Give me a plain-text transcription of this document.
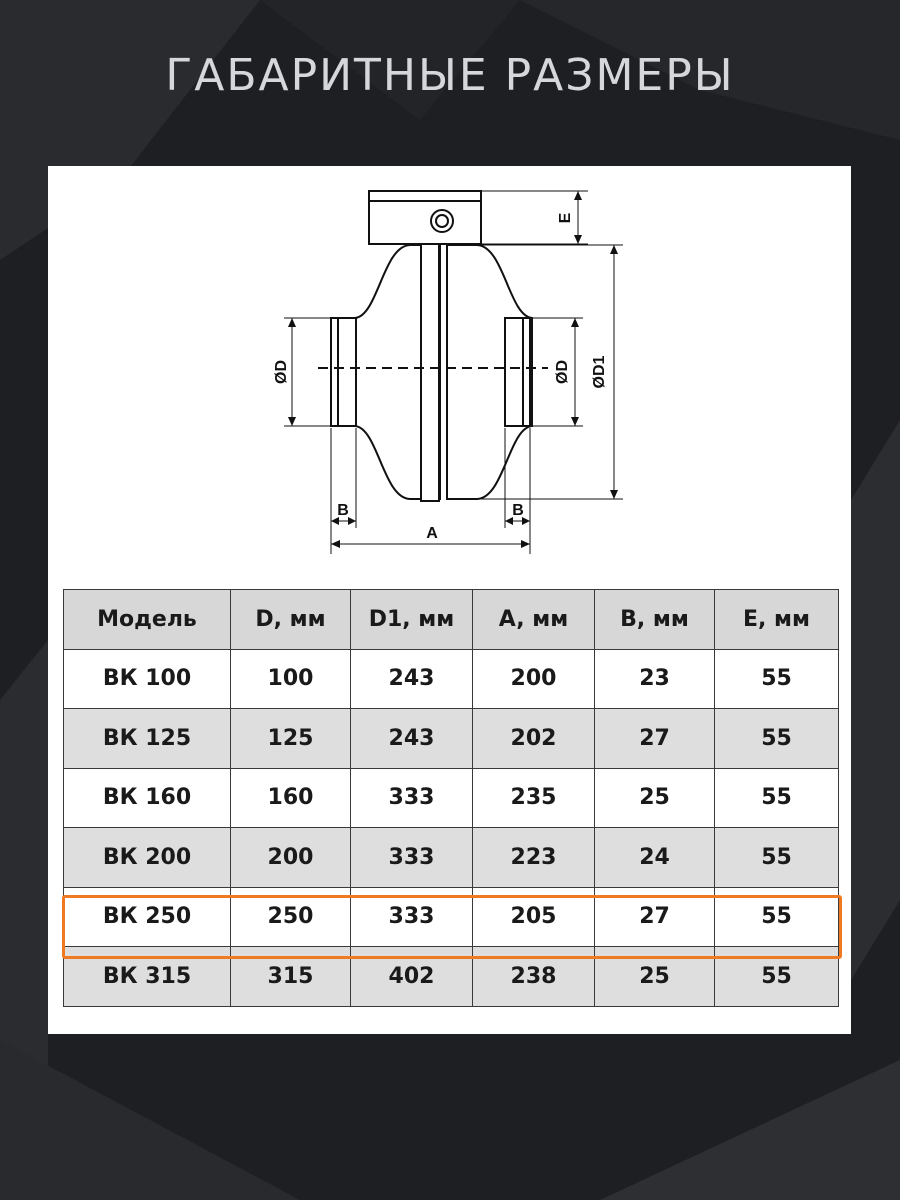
ГАБАРИТНЫЕ РАЗМЕРЫ
E
ØD1
ØD
ØD
B	B
A
Модель	D, мм	D1, мм	A, мм	B, мм	E, мм
ВК 100	100	243	200	23	55
ВК 125	125	243	202	27	55
ВК 160	160	333	235	25	55
ВК 200	200	333	223	24	55
ВК 250	250	333	205	27	55
ВК 315	315	402	238	25	55
